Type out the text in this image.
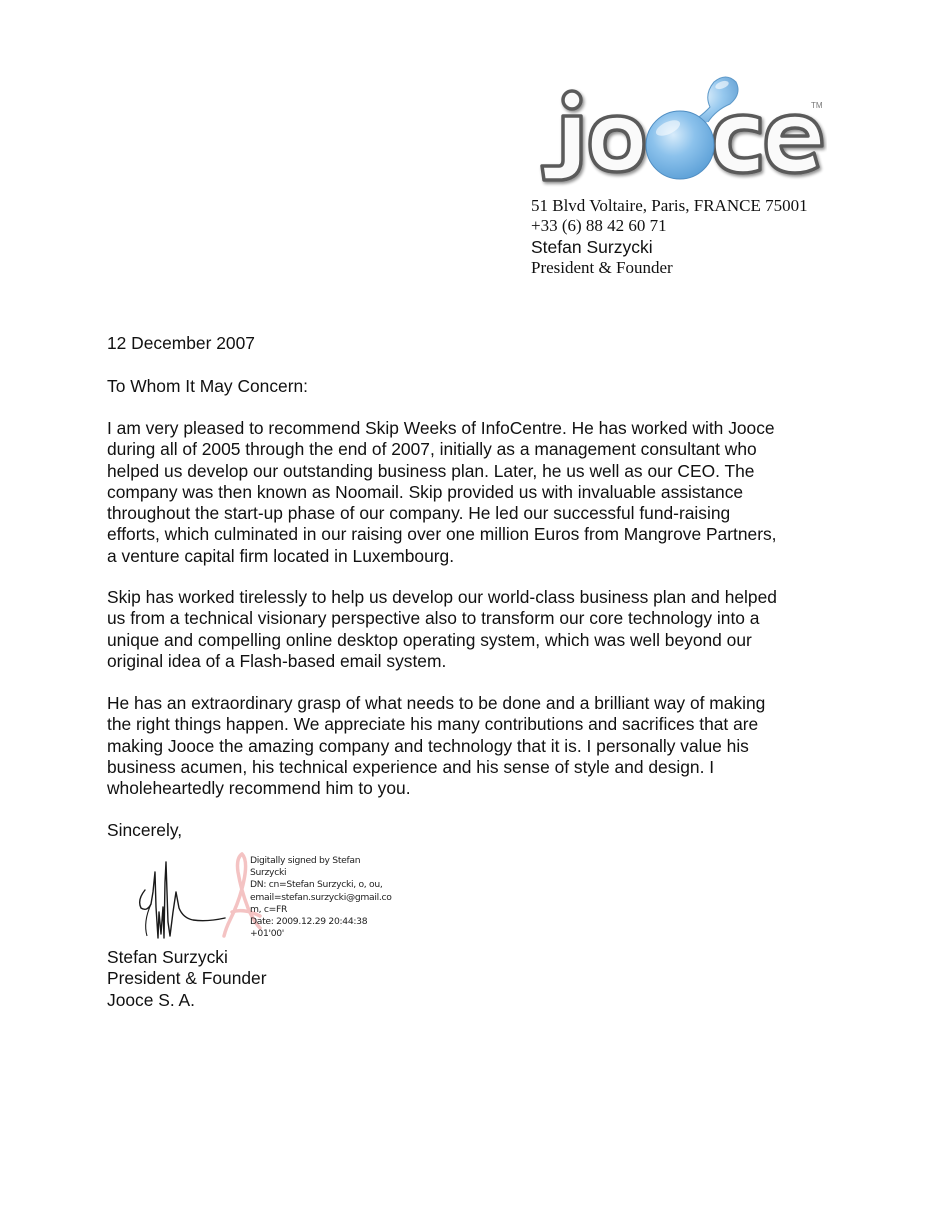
TM
51 Blvd Voltaire, Paris, FRANCE 75001
+33 (6) 88 42 60 71
Stefan Surzycki
President & Founder
12 December 2007
To Whom It May Concern:
I am very pleased to recommend Skip Weeks of InfoCentre. He has worked with Jooce
during all of 2005 through the end of 2007, initially as a management consultant who
helped us develop our outstanding business plan. Later, he us well as our CEO. The
company was then known as Noomail. Skip provided us with invaluable assistance
throughout the start-up phase of our company. He led our successful fund-raising
efforts, which culminated in our raising over one million Euros from Mangrove Partners,
a venture capital firm located in Luxembourg.
Skip has worked tirelessly to help us develop our world-class business plan and helped
us from a technical visionary perspective also to transform our core technology into a
unique and compelling online desktop operating system, which was well beyond our
original idea of a Flash-based email system.
He has an extraordinary grasp of what needs to be done and a brilliant way of making
the right things happen. We appreciate his many contributions and sacrifices that are
making Jooce the amazing company and technology that it is. I personally value his
business acumen, his technical experience and his sense of style and design. I
wholeheartedly recommend him to you.
Sincerely,
Digitally signed by Stefan
Surzycki
DN: cn=Stefan Surzycki, o, ou,
email=stefan.surzycki@gmail.co
m, c=FR
Date: 2009.12.29 20:44:38
+01'00'
Stefan Surzycki
President & Founder
Jooce S. A.
